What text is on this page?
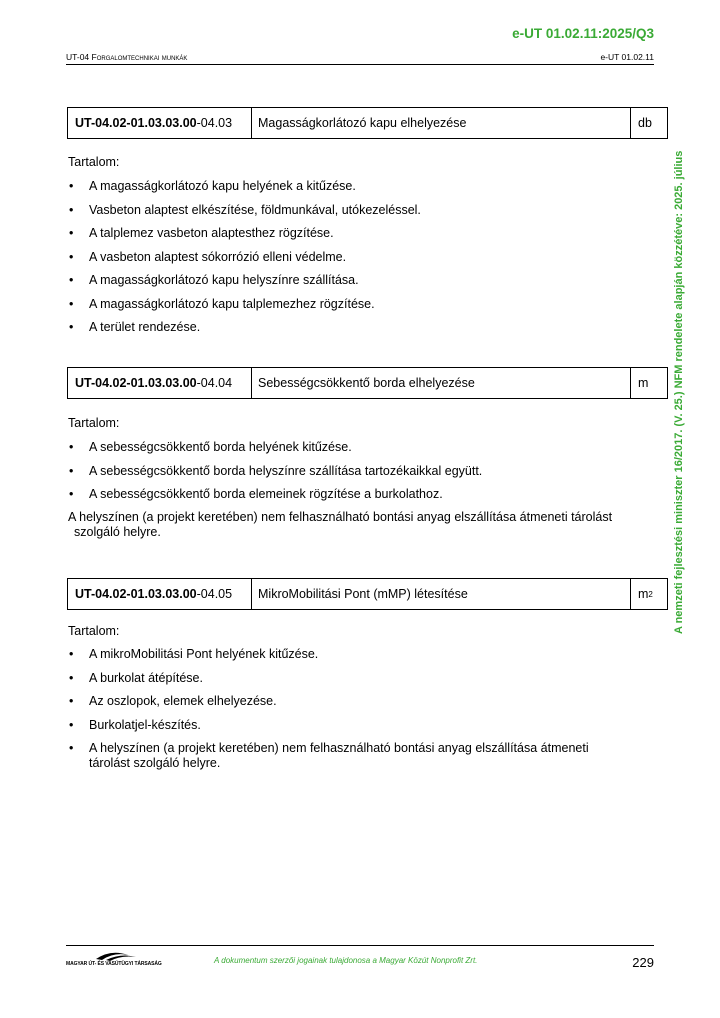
e-UT 01.02.11:2025/Q3
UT-04 Forgalomtechnikai munkák	e-UT 01.02.11
A nemzeti fejlesztési miniszter 16/2017. (V. 25.) NFM rendelete alapján közzétéve: 2025. július
UT-04.02-01.03.03.00 -04.03	Magasságkorlátozó kapu elhelyezése	db
Tartalom:
• A magasságkorlátozó kapu helyének a kitűzése.
• Vasbeton alaptest elkészítése, földmunkával, utókezeléssel.
• A talplemez vasbeton alaptesthez rögzítése.
• A vasbeton alaptest sókorrózió elleni védelme.
• A magasságkorlátozó kapu helyszínre szállítása.
• A magasságkorlátozó kapu talplemezhez rögzítése.
• A terület rendezése.
UT-04.02-01.03.03.00 -04.04	Sebességcsökkentő borda elhelyezése	m
Tartalom:
• A sebességcsökkentő borda helyének kitűzése.
• A sebességcsökkentő borda helyszínre szállítása tartozékaikkal együtt.
• A sebességcsökkentő borda elemeinek rögzítése a burkolathoz.
A helyszínen (a projekt keretében) nem felhasználható bontási anyag elszállítása átmeneti tárolást
szolgáló helyre.
UT-04.02-01.03.03.00 -04.05	MikroMobilitási Pont (mMP) létesítése	m 2
Tartalom:
• A mikroMobilitási Pont helyének kitűzése.
• A burkolat átépítése.
• Az oszlopok, elemek elhelyezése.
• Burkolatjel-készítés.
• A helyszínen (a projekt keretében) nem felhasználható bontási anyag elszállítása átmeneti tárolást szolgáló helyre.
MAGYAR ÚT- ÉS VASÚTÜGYI TÁRSASÁG	A dokumentum szerzői jogainak tulajdonosa a Magyar Közút Nonprofit Zrt.	229
